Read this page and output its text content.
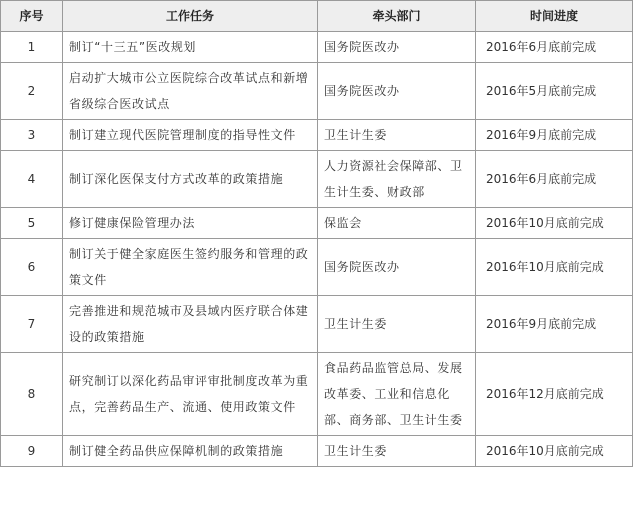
序号	工作任务	牵头部门	时间进度
1	制订“十三五”医改规划	国务院医改办	2016年6月底前完成
2	启动扩大城市公立医院综合改革试点和新增省级综合医改试点	国务院医改办	2016年5月底前完成
3	制订建立现代医院管理制度的指导性文件	卫生计生委	2016年9月底前完成
4	制订深化医保支付方式改革的政策措施	人力资源社会保障部、卫生计生委、财政部	2016年6月底前完成
5	修订健康保险管理办法	保监会	2016年10月底前完成
6	制订关于健全家庭医生签约服务和管理的政策文件	国务院医改办	2016年10月底前完成
7	完善推进和规范城市及县域内医疗联合体建设的政策措施	卫生计生委	2016年9月底前完成
8	研究制订以深化药品审评审批制度改革为重点，完善药品生产、流通、使用政策文件	食品药品监管总局、发展改革委、工业和信息化部、商务部、卫生计生委	2016年12月底前完成
9	制订健全药品供应保障机制的政策措施	卫生计生委	2016年10月底前完成
